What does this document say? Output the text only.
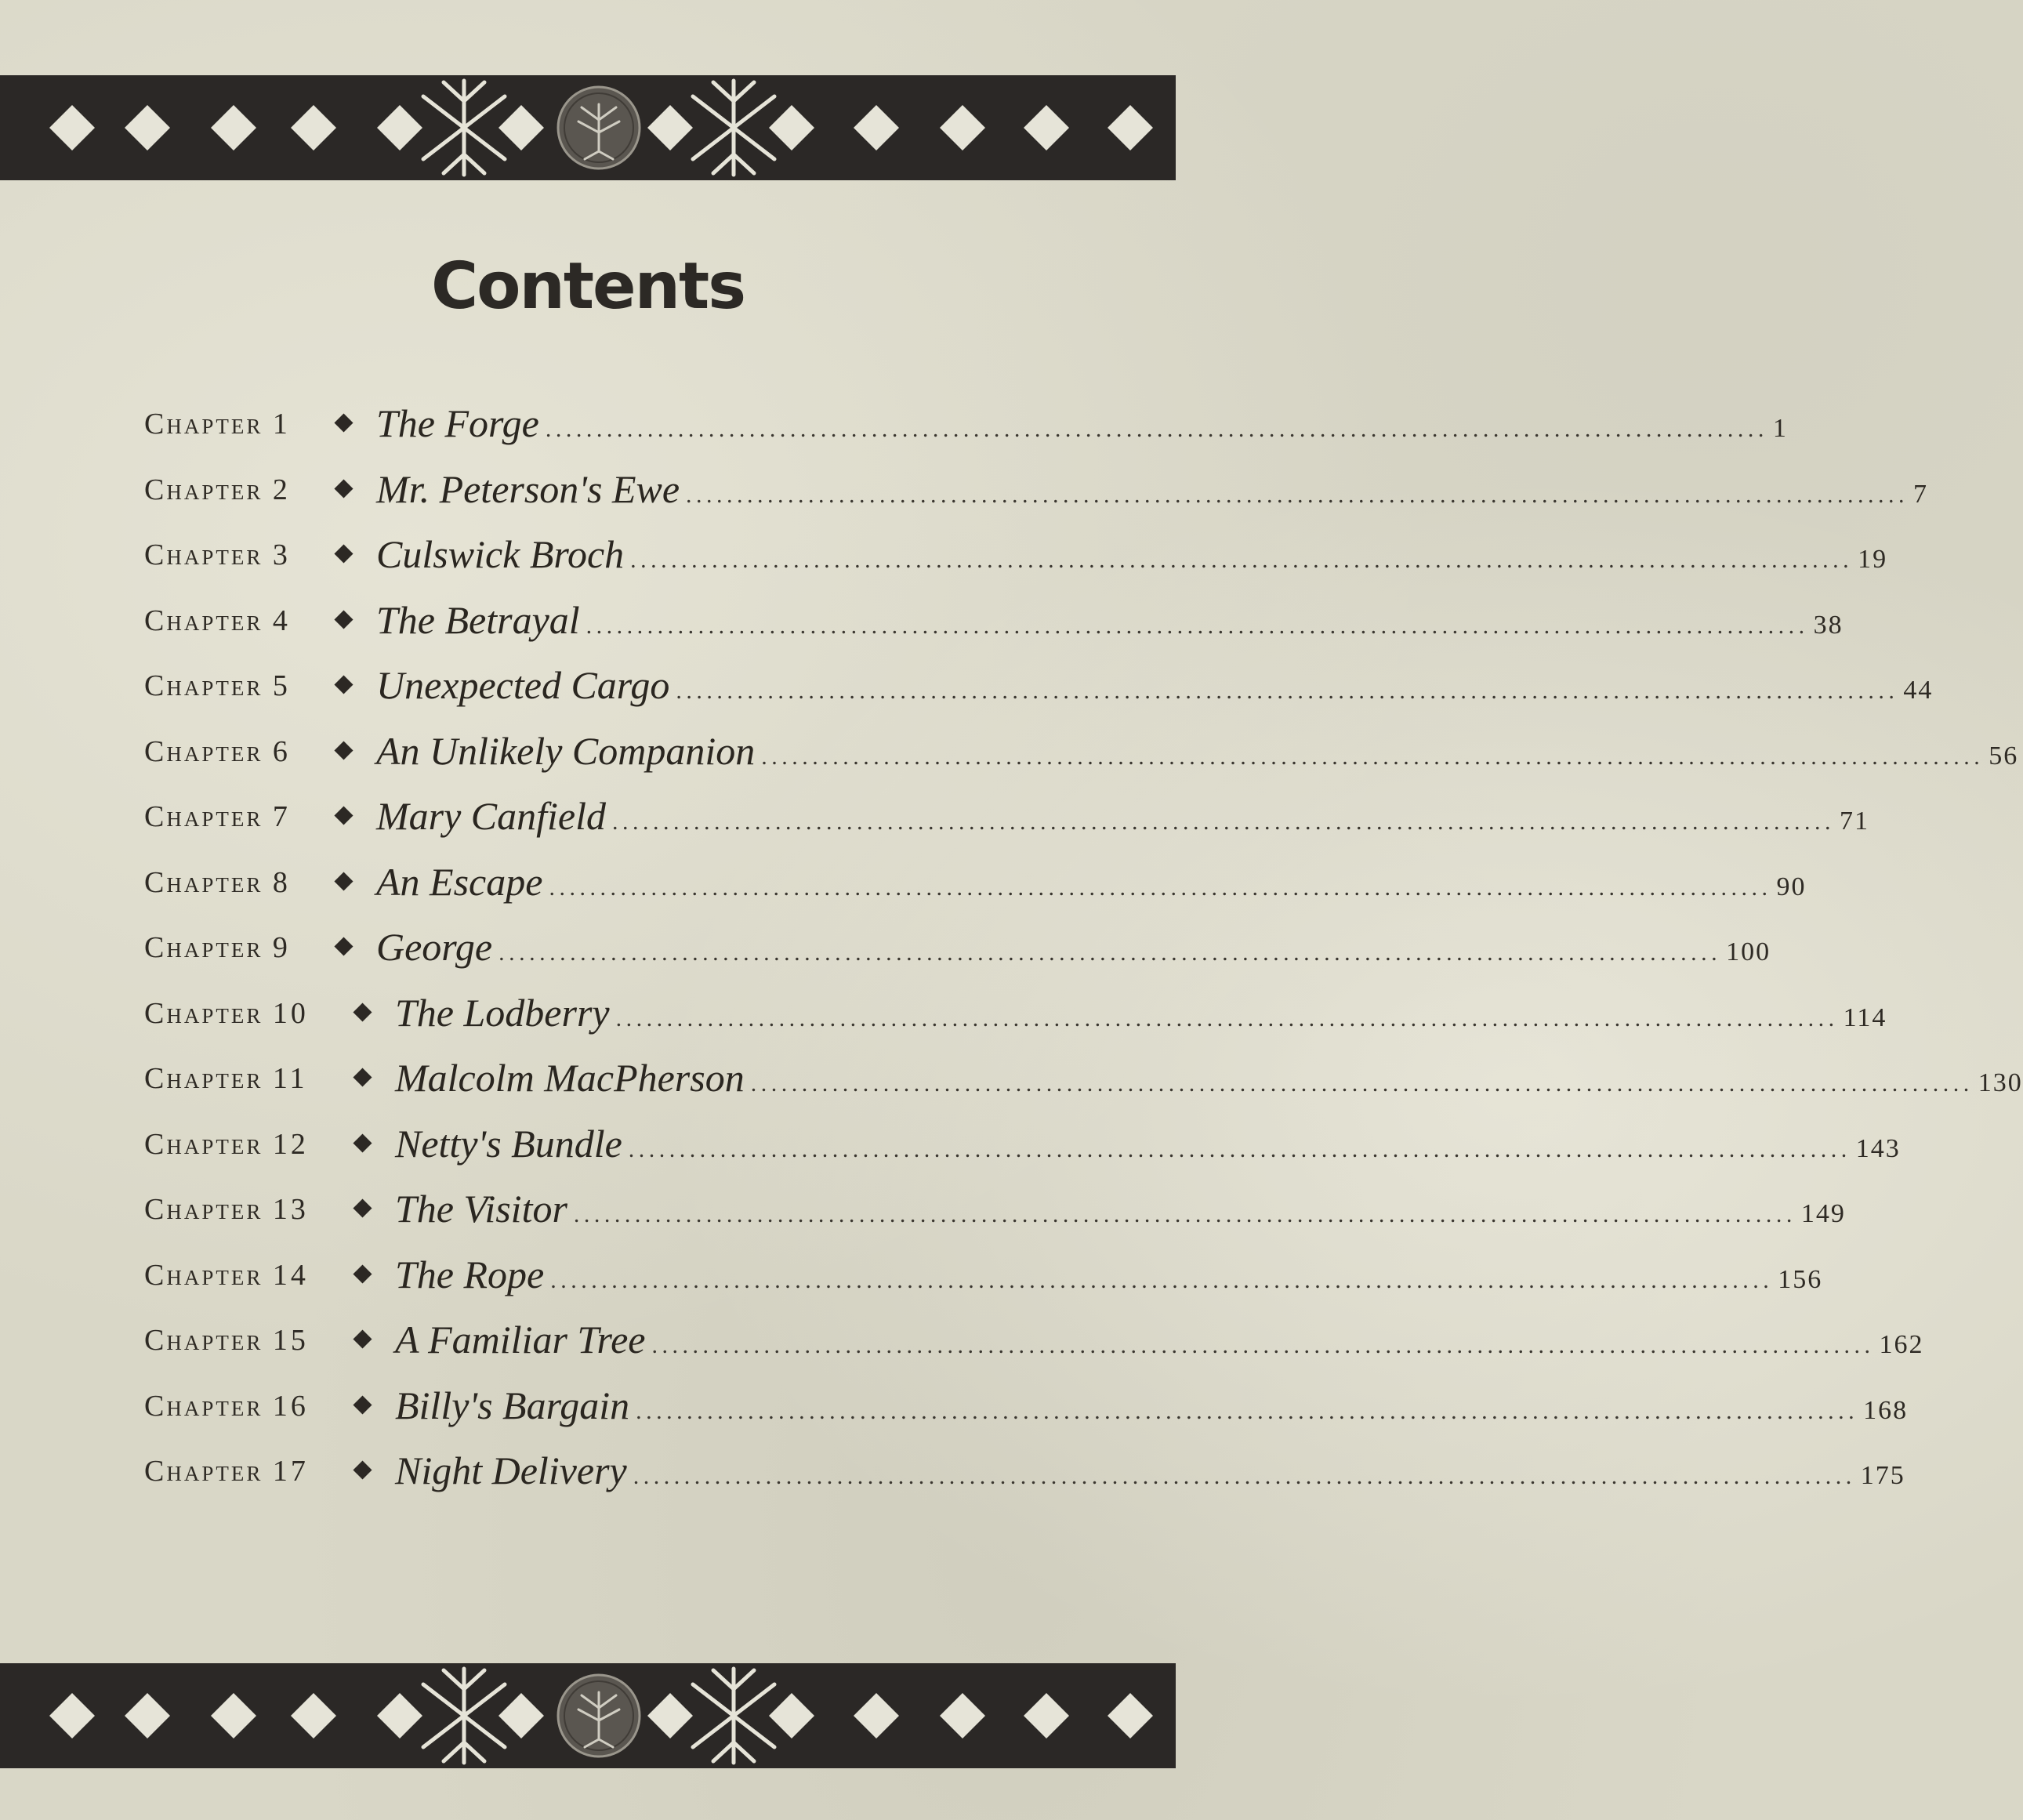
Contents
Chapter 1 The Forge ........................................................................................................................ 1
Chapter 2 Mr. Peterson's Ewe ........................................................................................................................ 7
Chapter 3 Culswick Broch ........................................................................................................................ 19
Chapter 4 The Betrayal ........................................................................................................................ 38
Chapter 5 Unexpected Cargo ........................................................................................................................ 44
Chapter 6 An Unlikely Companion ........................................................................................................................ 56
Chapter 7 Mary Canfield ........................................................................................................................ 71
Chapter 8 An Escape ........................................................................................................................ 90
Chapter 9 George ........................................................................................................................ 100
Chapter 10 The Lodberry ........................................................................................................................ 114
Chapter 11 Malcolm MacPherson ........................................................................................................................ 130
Chapter 12 Netty's Bundle ........................................................................................................................ 143
Chapter 13 The Visitor ........................................................................................................................ 149
Chapter 14 The Rope ........................................................................................................................ 156
Chapter 15 A Familiar Tree ........................................................................................................................ 162
Chapter 16 Billy's Bargain ........................................................................................................................ 168
Chapter 17 Night Delivery ........................................................................................................................ 175
